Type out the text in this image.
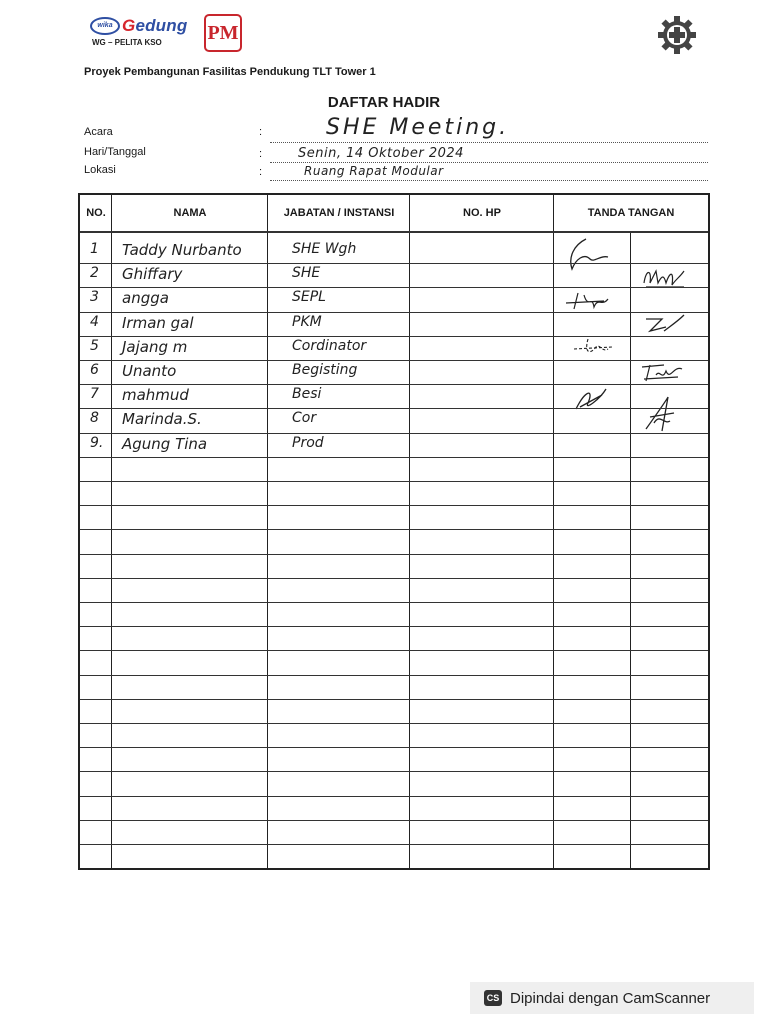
wika Gedung
WG – PELITA KSO PM
Proyek Pembangunan Fasilitas Pendukung TLT Tower 1
DAFTAR HADIR
Acara	:	SHE Meeting.
Hari/Tanggal	:	Senin, 14 Oktober 2024
Lokasi	:	Ruang Rapat Modular
NO.	NAMA	JABATAN / INSTANSI	NO. HP	TANDA TANGAN
1 Taddy Nurbanto	SHE Wgh
2 Ghiffary	SHE
3 angga	SEPL
4 Irman gal	PKM
5 Jajang m	Cordinator
6 Unanto	Begisting
7 mahmud	Besi
8 Marinda.S.	Cor
9. Agung Tina	Prod
CS Dipindai dengan CamScanner
